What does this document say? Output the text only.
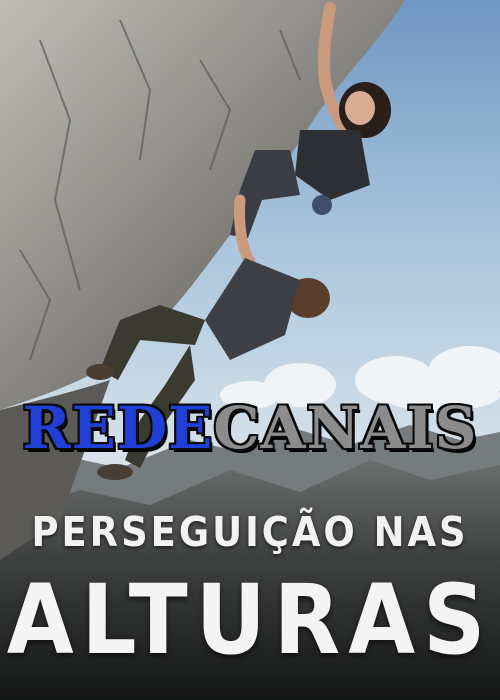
REDE CANAIS
PERSEGUIÇÃO NAS
ALTURAS
